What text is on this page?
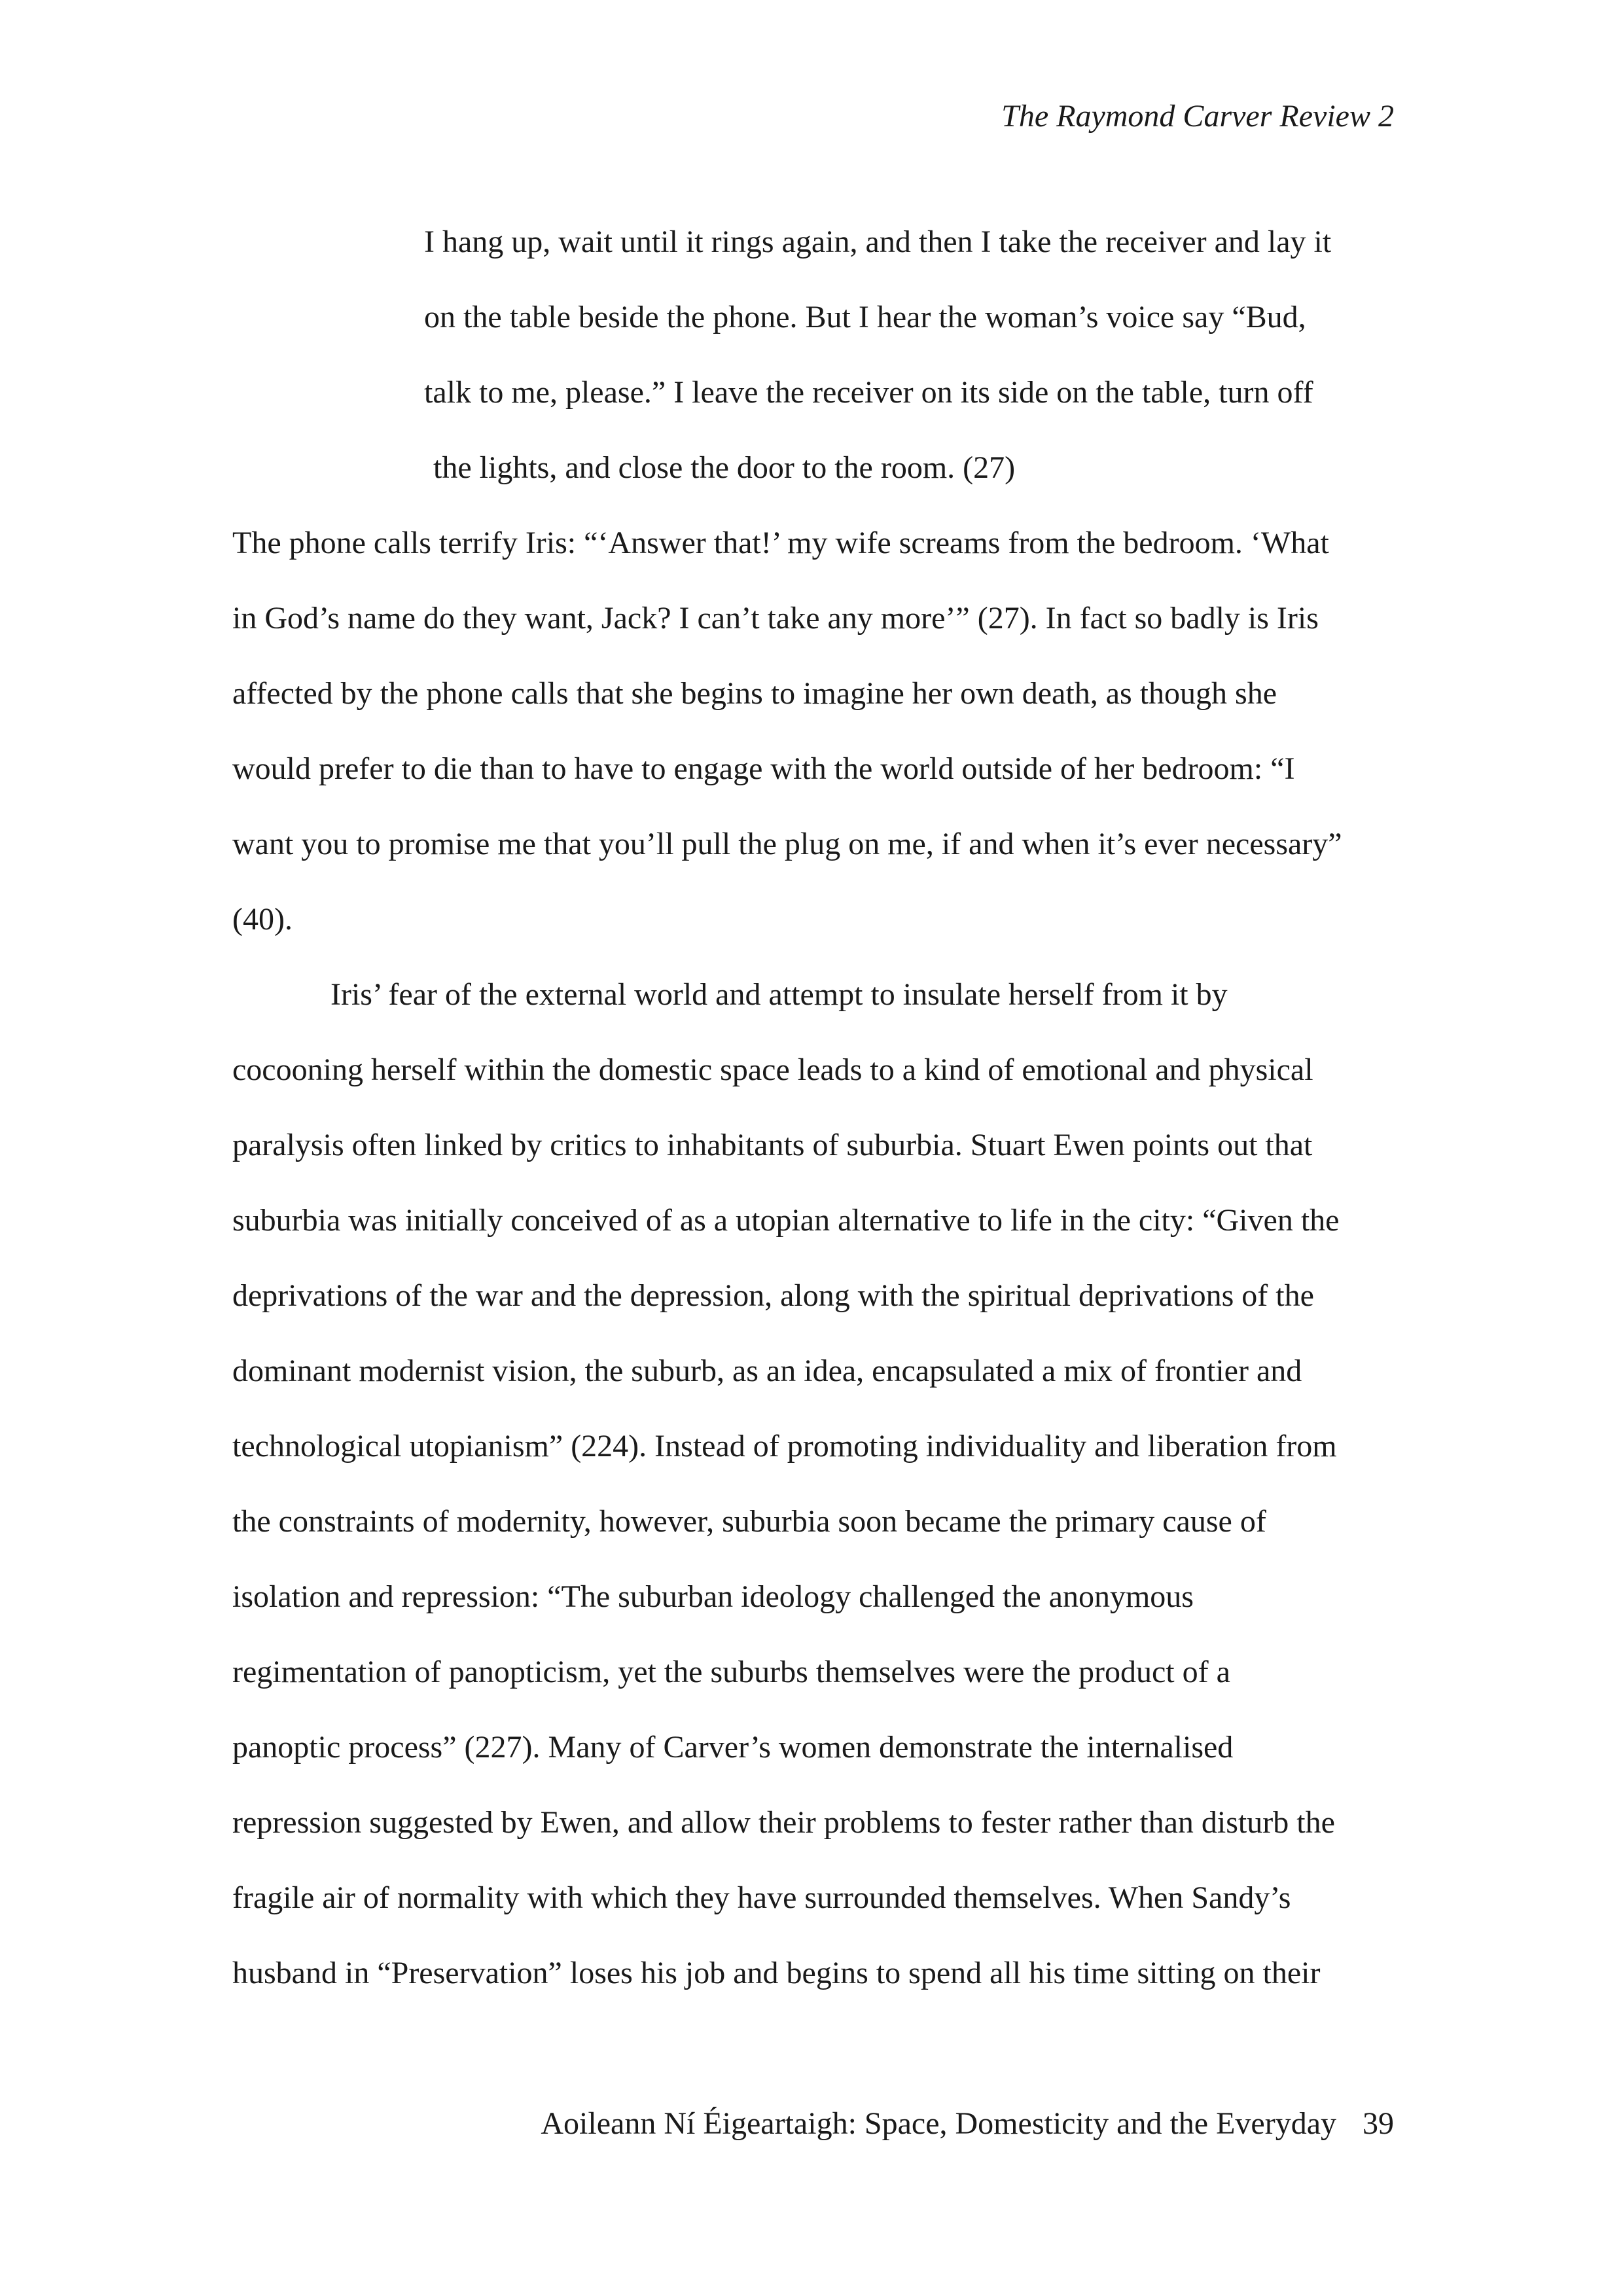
The Raymond Carver Review 2
I hang up, wait until it rings again, and then I take the receiver and lay it
on the table beside the phone. But I hear the woman’s voice say “Bud,
talk to me, please.” I leave the receiver on its side on the table, turn off
the lights, and close the door to the room. (27)
The phone calls terrify Iris: “‘Answer that!’ my wife screams from the bedroom. ‘What
in God’s name do they want, Jack? I can’t take any more’” (27). In fact so badly is Iris
affected by the phone calls that she begins to imagine her own death, as though she
would prefer to die than to have to engage with the world outside of her bedroom: “I
want you to promise me that you’ll pull the plug on me, if and when it’s ever necessary”
(40).
Iris’ fear of the external world and attempt to insulate herself from it by
cocooning herself within the domestic space leads to a kind of emotional and physical
paralysis often linked by critics to inhabitants of suburbia. Stuart Ewen points out that
suburbia was initially conceived of as a utopian alternative to life in the city: “Given the
deprivations of the war and the depression, along with the spiritual deprivations of the
dominant modernist vision, the suburb, as an idea, encapsulated a mix of frontier and
technological utopianism” (224). Instead of promoting individuality and liberation from
the constraints of modernity, however, suburbia soon became the primary cause of
isolation and repression: “The suburban ideology challenged the anonymous
regimentation of panopticism, yet the suburbs themselves were the product of a
panoptic process” (227). Many of Carver’s women demonstrate the internalised
repression suggested by Ewen, and allow their problems to fester rather than disturb the
fragile air of normality with which they have surrounded themselves. When Sandy’s
husband in “Preservation” loses his job and begins to spend all his time sitting on their
Aoileann Ní Éigeartaigh: Space, Domesticity and the Everyday 39
